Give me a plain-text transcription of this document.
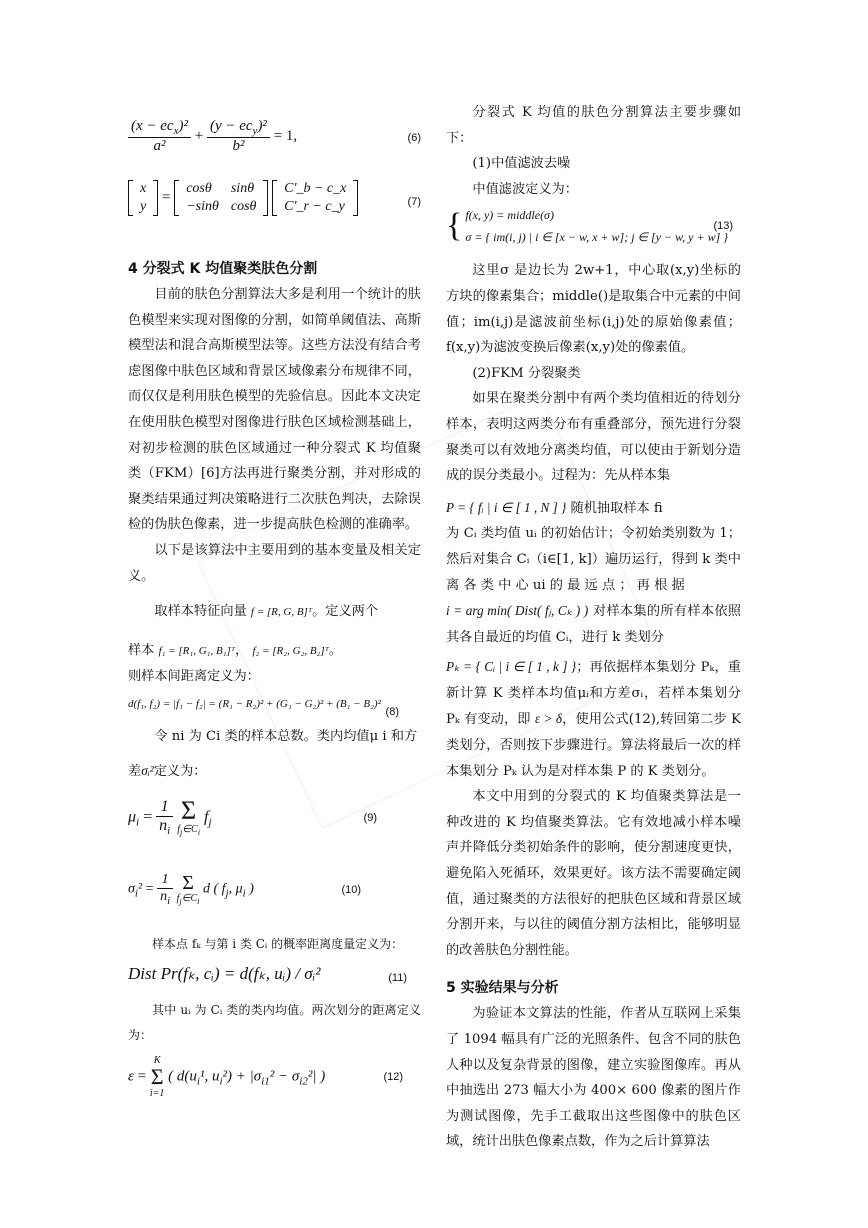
$\frac{(x - ec_x)^2}{\text{a²}} + \frac{(y - ec_y)^2}{\text{b²}} = 1$,	(6)
x
y
=
cosθ	sinθ
−sinθ	cosθ

C'_b − c_x
C'_r − c_y	(7)

4 分裂式 K 均值聚类肤色分割

目前的肤色分割算法大多是利用一个统计的肤色模型来实现对图像的分割，如简单阈值法、高斯模型法和混合高斯模型法等。这些方法没有结合考虑图像中肤色区域和背景区域像素分布规律不同，而仅仅是利用肤色模型的先验信息。因此本文决定在使用肤色模型对图像进行肤色区域检测基础上，对初步检测的肤色区域通过一种分裂式 K 均值聚类（FKM）[6]方法再进行聚类分割，并对形成的聚类结果通过判决策略进行二次肤色判决，去除误检的伪肤色像素，进一步提高肤色检测的准确率。

以下是该算法中主要用到的基本变量及相关定义。

取样本特征向量 f = [R, G, B]ᵀ。定义两个

样本 f₁ = [R₁, G₁, B₁]ᵀ， f₂ = [R₂, G₂, B₂]ᵀ。

则样本间距离定义为：

d(f₁, f₂) = |f₁ − f₂| = (R₁ − R₂)² + (G₁ − G₂)² + (B₁ − B₂)²
(8)

令 ni 为 Ci 类的样本总数。类内均值μ i 和方

差σᵢ²定义为：

$\mu_i = \frac{1}{n_i}$
Σ
$f_j\in C_i$
$f_j$	(9)
$\sigma_i^2 = \frac{1}{n_i}$
Σ
$f_j\in C_i$
d ( $f_j$, $\mu_i$ )	(10)

样本点 fₖ 与第 i 类 Cᵢ 的概率距离度量定义为：

Dist Pr(fₖ, cᵢ) = d(fₖ, uᵢ) / σᵢ²	(11)

其中 uᵢ 为 Cᵢ 类的类内均值。两次划分的距离定义为：

ε =
K
Σ
i=1
( $d(u_i^1$, $u_i^2) + |\sigma_{i1}^2 - \sigma_{i2}^2|$ )	(12)

分裂式 K 均值的肤色分割算法主要步骤如下：

(1)中值滤波去噪

中值滤波定义为：

{ f(x, y) = middle(σ)
σ = { im(i, j) | i ∈ [x − w, x + w]; j ∈ [y − w, y + w] }
(13)

这里σ 是边长为 2w+1，中心取(x,y)坐标的方块的像素集合；middle()是取集合中元素的中间值；im(i,j)是滤波前坐标(i,j)处的原始像素值；f(x,y)为滤波变换后像素(x,y)处的像素值。

(2)FKM 分裂聚类

如果在聚类分割中有两个类均值相近的待划分样本，表明这两类分布有重叠部分，预先进行分裂聚类可以有效地分离类均值，可以使由于新划分造成的误分类最小。过程为：先从样本集

P = { fᵢ | i ∈ [ 1 , N ] } 随机抽取样本 fi

为 Cᵢ 类均值 uᵢ 的初始估计；令初始类别数为 1；然后对集合 Cᵢ（i∈[1, k]）遍历运行，得到 k 类中离 各 类 中 心 ui 的 最 远 点 ； 再 根 据

i = arg min( Dist( fⱼ, Cₖ ) ) 对样本集的所有样本依照其各自最近的均值 Cᵢ，进行 k 类划分

Pₖ = { Cᵢ | i ∈ [ 1 , k ] }；再依据样本集划分 Pₖ，重新计算 K 类样本均值μᵢ和方差σᵢ，若样本集划分 Pₖ 有变动，即 ε > δ，使用公式(12),转回第二步 K 类划分，否则按下步骤进行。算法将最后一次的样本集划分 Pₖ 认为是对样本集 P 的 K 类划分。

本文中用到的分裂式的 K 均值聚类算法是一种改进的 K 均值聚类算法。它有效地减小样本噪声并降低分类初始条件的影响，使分割速度更快，避免陷入死循环，效果更好。该方法不需要确定阈值，通过聚类的方法很好的把肤色区域和背景区域分割开来，与以往的阈值分割方法相比，能够明显的改善肤色分割性能。

5 实验结果与分析

为验证本文算法的性能，作者从互联网上采集了 1094 幅具有广泛的光照条件、包含不同的肤色人种以及复杂背景的图像，建立实验图像库。再从中抽选出 273 幅大小为 400× 600 像素的图片作为测试图像，先手工截取出这些图像中的肤色区域，统计出肤色像素点数，作为之后计算算法
